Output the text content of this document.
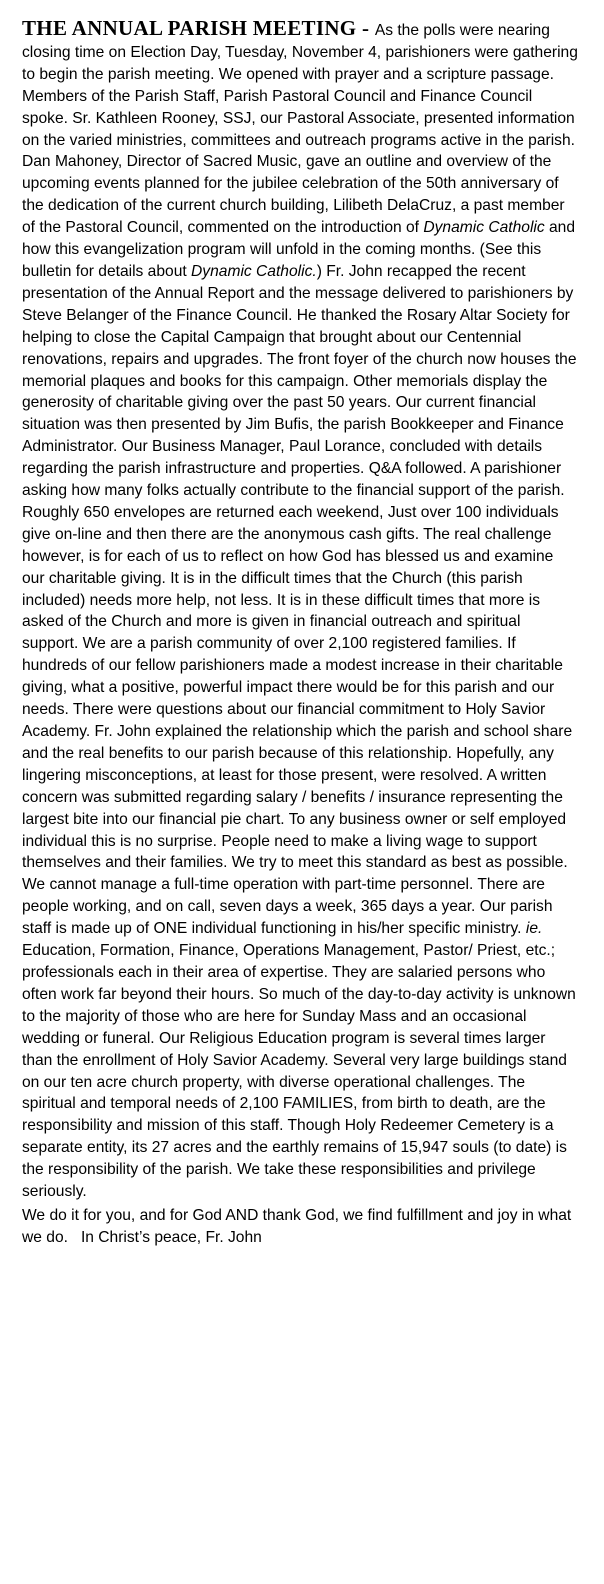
THE ANNUAL PARISH MEETING - As the polls were nearing closing time on Election Day, Tuesday, November 4, parishioners were gathering to begin the parish meeting. We opened with prayer and a scripture passage. Members of the Parish Staff, Parish Pastoral Council and Finance Council spoke. Sr. Kathleen Rooney, SSJ, our Pastoral Associate, presented information on the varied ministries, committees and outreach programs active in the parish. Dan Mahoney, Director of Sacred Music, gave an outline and overview of the upcoming events planned for the jubilee celebration of the 50th anniversary of the dedication of the current church building, Lilibeth DelaCruz, a past member of the Pastoral Council, commented on the introduction of Dynamic Catholic and how this evangelization program will unfold in the coming months. (See this bulletin for details about Dynamic Catholic.) Fr. John recapped the recent presentation of the Annual Report and the message delivered to parishioners by Steve Belanger of the Finance Council. He thanked the Rosary Altar Society for helping to close the Capital Campaign that brought about our Centennial renovations, repairs and upgrades. The front foyer of the church now houses the memorial plaques and books for this campaign. Other memorials display the generosity of charitable giving over the past 50 years. Our current financial situation was then presented by Jim Bufis, the parish Bookkeeper and Finance Administrator. Our Business Manager, Paul Lorance, concluded with details regarding the parish infrastructure and properties. Q&A followed. A parishioner asking how many folks actually contribute to the financial support of the parish. Roughly 650 envelopes are returned each weekend, Just over 100 individuals give on-line and then there are the anonymous cash gifts. The real challenge however, is for each of us to reflect on how God has blessed us and examine our charitable giving. It is in the difficult times that the Church (this parish included) needs more help, not less. It is in these difficult times that more is asked of the Church and more is given in financial outreach and spiritual support. We are a parish community of over 2,100 registered families. If hundreds of our fellow parishioners made a modest increase in their charitable giving, what a positive, powerful impact there would be for this parish and our needs. There were questions about our financial commitment to Holy Savior Academy. Fr. John explained the relationship which the parish and school share and the real benefits to our parish because of this relationship. Hopefully, any lingering misconceptions, at least for those present, were resolved. A written concern was submitted regarding salary / benefits / insurance representing the largest bite into our financial pie chart. To any business owner or self employed individual this is no surprise. People need to make a living wage to support themselves and their families. We try to meet this standard as best as possible. We cannot manage a full-time operation with part-time personnel. There are people working, and on call, seven days a week, 365 days a year. Our parish staff is made up of ONE individual functioning in his/her specific ministry. ie. Education, Formation, Finance, Operations Management, Pastor/ Priest, etc.; professionals each in their area of expertise. They are salaried persons who often work far beyond their hours. So much of the day-to-day activity is unknown to the majority of those who are here for Sunday Mass and an occasional wedding or funeral. Our Religious Education program is several times larger than the enrollment of Holy Savior Academy. Several very large buildings stand on our ten acre church property, with diverse operational challenges. The spiritual and temporal needs of 2,100 FAMILIES, from birth to death, are the responsibility and mission of this staff. Though Holy Redeemer Cemetery is a separate entity, its 27 acres and the earthly remains of 15,947 souls (to date) is the responsibility of the parish. We take these responsibilities and privilege seriously.

We do it for you, and for God AND thank God, we find fulfillment and joy in what we do. In Christ’s peace, Fr. John
